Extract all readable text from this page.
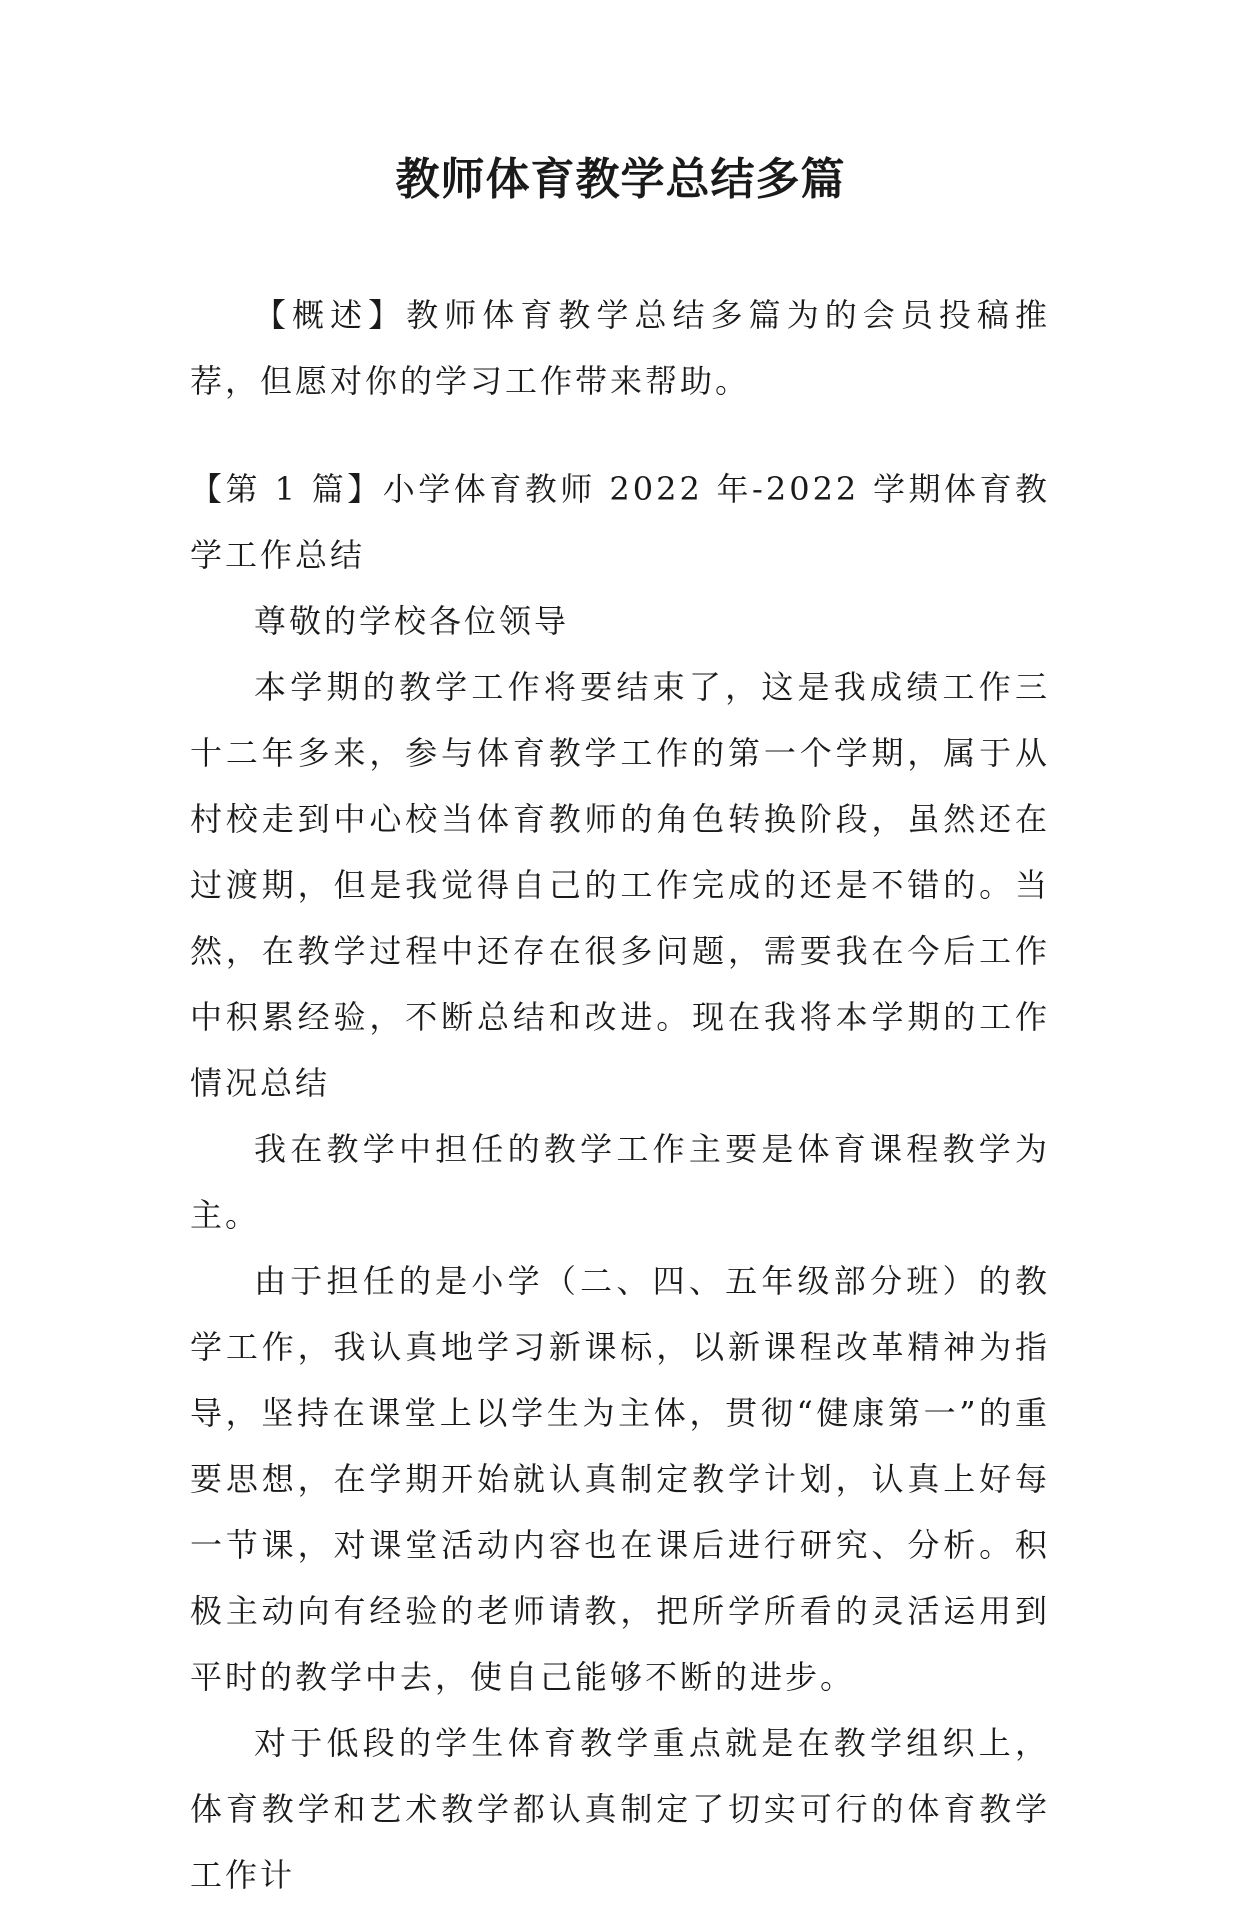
教师体育教学总结多篇

【概述】教师体育教学总结多篇为的会员投稿推荐，但愿对你的学习工作带来帮助。

【第 1 篇】小学体育教师 2022 年-2022 学期体育教学工作总结

尊敬的学校各位领导

本学期的教学工作将要结束了，这是我成绩工作三十二年多来，参与体育教学工作的第一个学期，属于从村校走到中心校当体育教师的角色转换阶段，虽然还在过渡期，但是我觉得自己的工作完成的还是不错的。当然，在教学过程中还存在很多问题，需要我在今后工作中积累经验，不断总结和改进。现在我将本学期的工作情况总结

我在教学中担任的教学工作主要是体育课程教学为主。

由于担任的是小学（二、四、五年级部分班）的教学工作，我认真地学习新课标，以新课程改革精神为指导，坚持在课堂上以学生为主体，贯彻“健康第一”的重要思想，在学期开始就认真制定教学计划，认真上好每一节课，对课堂活动内容也在课后进行研究、分析。积极主动向有经验的老师请教，把所学所看的灵活运用到平时的教学中去，使自己能够不断的进步。

对于低段的学生体育教学重点就是在教学组织上，体育教学和艺术教学都认真制定了切实可行的体育教学工作计
